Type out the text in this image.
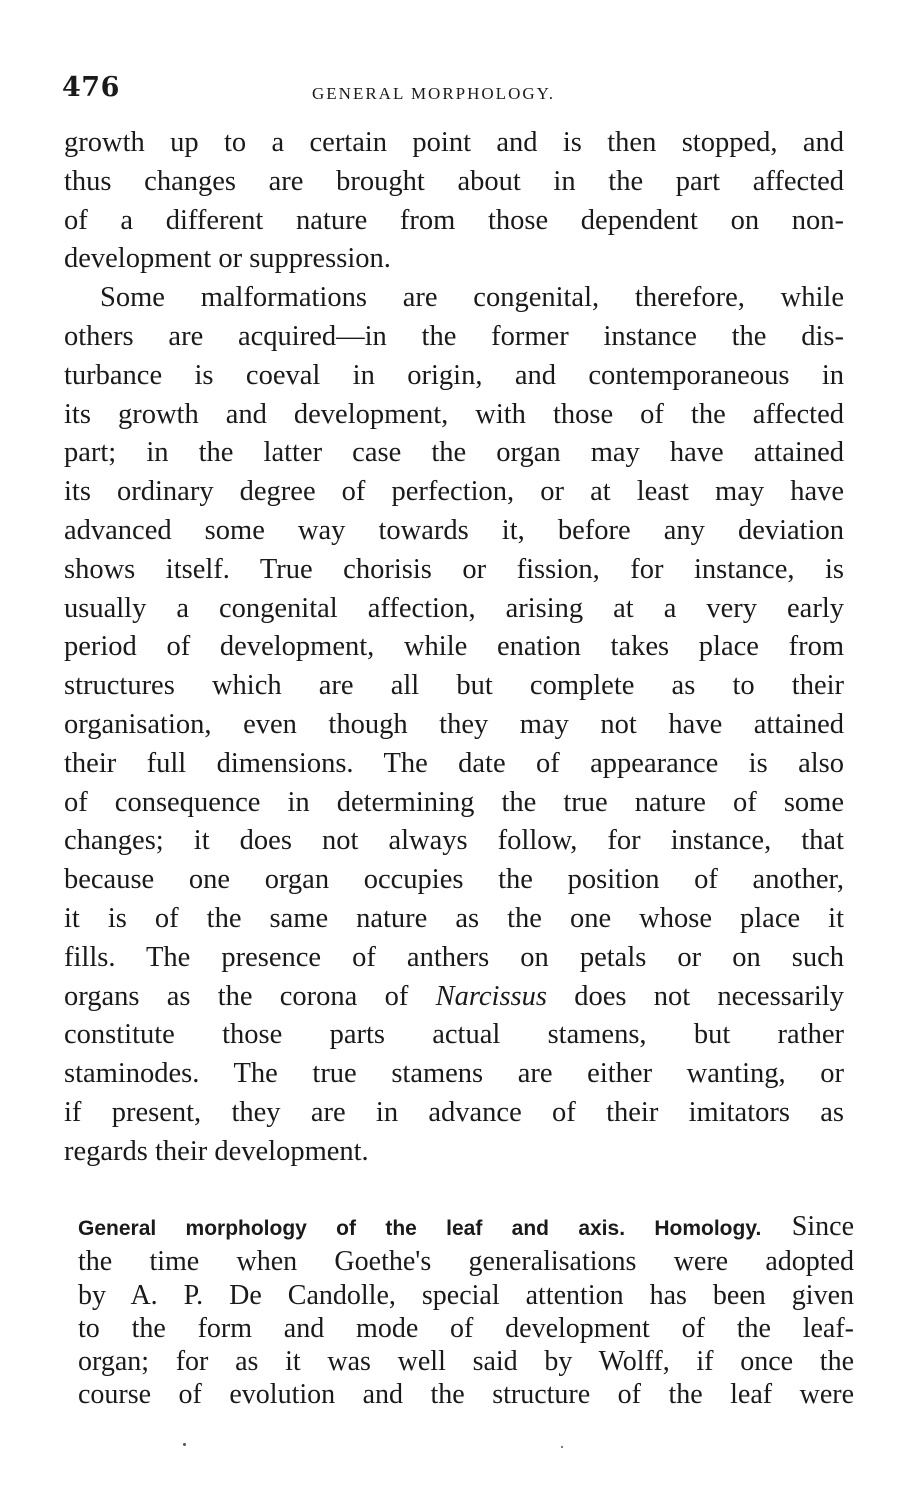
476	GENERAL MORPHOLOGY.
growth up to a certain point and is then stopped, and
thus changes are brought about in the part affected
of a different nature from those dependent on non-
development or suppression.
Some malformations are congenital, therefore, while
others are acquired—in the former instance the dis-
turbance is coeval in origin, and contemporaneous in
its growth and development, with those of the affected
part; in the latter case the organ may have attained
its ordinary degree of perfection, or at least may have
advanced some way towards it, before any deviation
shows itself. True chorisis or fission, for instance, is
usually a congenital affection, arising at a very early
period of development, while enation takes place from
structures which are all but complete as to their
organisation, even though they may not have attained
their full dimensions. The date of appearance is also
of consequence in determining the true nature of some
changes; it does not always follow, for instance, that
because one organ occupies the position of another,
it is of the same nature as the one whose place it
fills. The presence of anthers on petals or on such
organs as the corona of Narcissus does not necessarily
constitute those parts actual stamens, but rather
staminodes. The true stamens are either wanting, or
if present, they are in advance of their imitators as
regards their development.
General morphology of the leaf and axis. Homology. Since
the time when Goethe's generalisations were adopted
by A. P. De Candolle, special attention has been given
to the form and mode of development of the leaf-
organ; for as it was well said by Wolff, if once the
course of evolution and the structure of the leaf were
